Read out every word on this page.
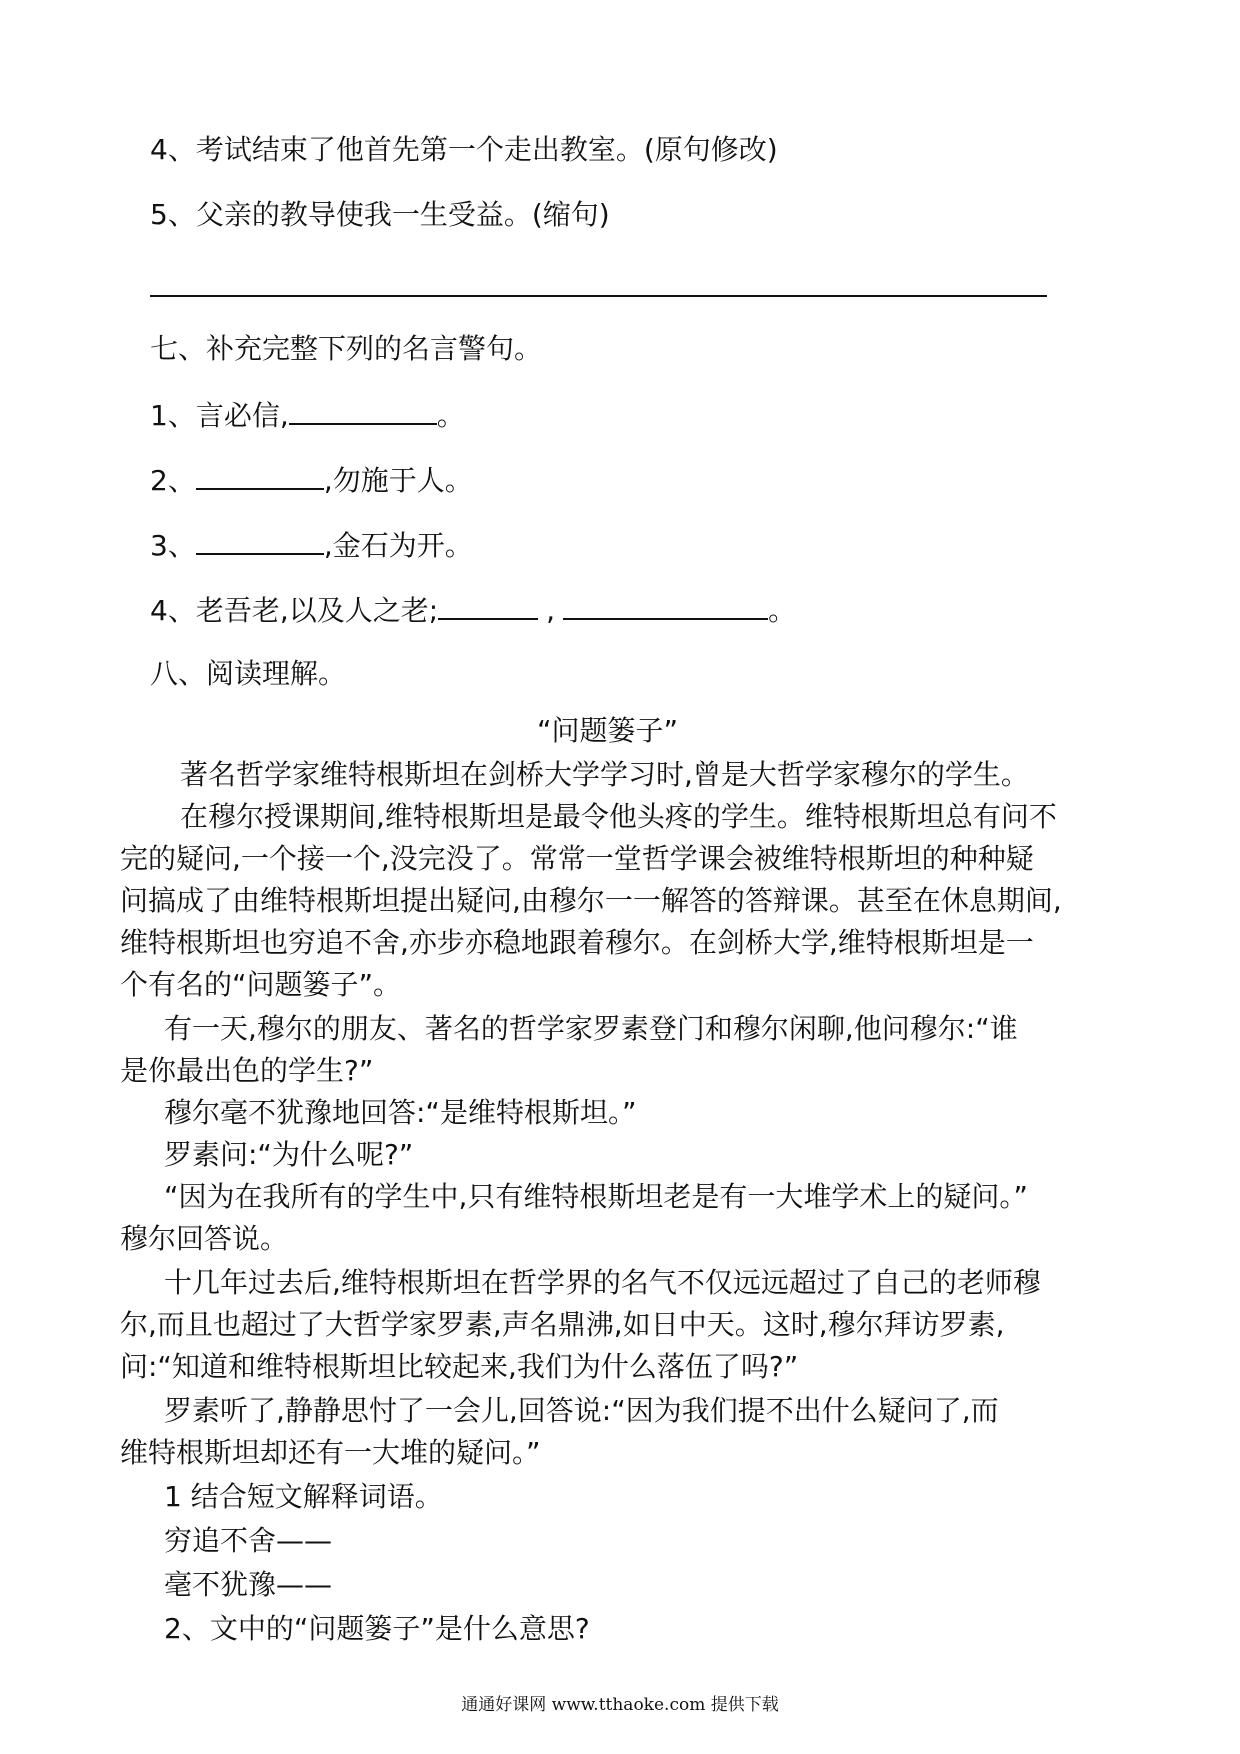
4、考试结束了他首先第一个走出教室。(原句修改)
5、父亲的教导使我一生受益。(缩句)
七、补充完整下列的名言警句。
1、言必信,	。
2、	,勿施于人。
3、	,金石为开。
4、老吾老,以及人之老;	,	。
八、阅读理解。
“问题篓子”
著名哲学家维特根斯坦在剑桥大学学习时,曾是大哲学家穆尔的学生。
在穆尔授课期间,维特根斯坦是最令他头疼的学生。维特根斯坦总有问不
完的疑问,一个接一个,没完没了。常常一堂哲学课会被维特根斯坦的种种疑
问搞成了由维特根斯坦提出疑问,由穆尔一一解答的答辩课。甚至在休息期间,
维特根斯坦也穷追不舍,亦步亦稳地跟着穆尔。在剑桥大学,维特根斯坦是一
个有名的“问题篓子”。
有一天,穆尔的朋友、著名的哲学家罗素登门和穆尔闲聊,他问穆尔:“谁
是你最出色的学生?”
穆尔毫不犹豫地回答:“是维特根斯坦。”
罗素问:“为什么呢?”
“因为在我所有的学生中,只有维特根斯坦老是有一大堆学术上的疑问。”
穆尔回答说。
十几年过去后,维特根斯坦在哲学界的名气不仅远远超过了自己的老师穆
尔,而且也超过了大哲学家罗素,声名鼎沸,如日中天。这时,穆尔拜访罗素,
问:“知道和维特根斯坦比较起来,我们为什么落伍了吗?”
罗素听了,静静思忖了一会儿,回答说:“因为我们提不出什么疑问了,而
维特根斯坦却还有一大堆的疑问。”
1 结合短文解释词语。
穷追不舍——
毫不犹豫——
2、文中的“问题篓子”是什么意思?
通通好课网 www.tthaoke.com 提供下载
